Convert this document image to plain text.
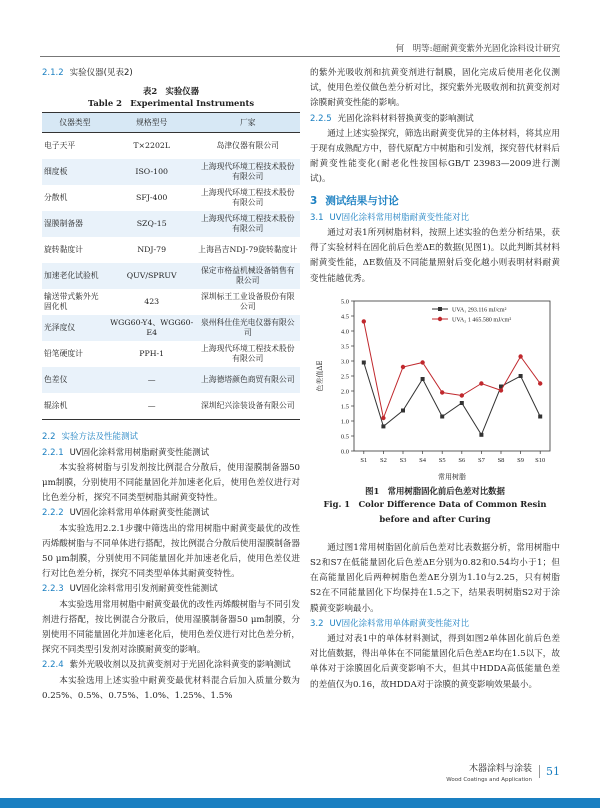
何　明等:超耐黄变紫外光固化涂料设计研究
2.1.2 实验仪器(见表2)
表2　实验仪器
Table 2　Experimental Instruments
仪器类型	规格型号	厂家
电子天平	T×2202L	岛津仪器有限公司
细度板	ISO-100	上海现代环境工程技术股份有限公司
分散机	SFJ-400	上海现代环境工程技术股份有限公司
湿膜制备器	SZQ-15	上海现代环境工程技术股份有限公司
旋转黏度计	NDJ-79	上海昌吉NDJ-79旋转黏度计
加速老化试验机	QUV/SPRUV	保定市格益机械设备销售有限公司
输送带式紫外光固化机	423	深圳标王工业设备股份有限公司
光泽度仪	WGG60-Y4、WGG60-E4	泉州科仕佳光电仪器有限公司
铅笔硬度计	PPH-1	上海现代环境工程技术股份有限公司
色差仪	—	上海德塔颜色商贸有限公司
辊涂机	—	深圳纪兴涂装设备有限公司
2.2 实验方法及性能测试
2.2.1 UV固化涂料常用树脂耐黄变性能测试

本实验将树脂与引发剂按比例混合分散后，使用湿膜制备器50 μm制膜，分别使用不同能量固化并加速老化后，使用色差仪进行对比色差分析，探究不同类型树脂其耐黄变特性。

2.2.2 UV固化涂料常用单体耐黄变性能测试

本实验选用2.2.1步骤中筛选出的常用树脂中耐黄变最优的改性丙烯酸树脂与不同单体进行搭配，按比例混合分散后使用湿膜制备器50 μm制膜，分别使用不同能量固化并加速老化后，使用色差仪进行对比色差分析，探究不同类型单体其耐黄变特性。

2.2.3 UV固化涂料常用引发剂耐黄变性能测试

本实验选用常用树脂中耐黄变最优的改性丙烯酸树脂与不同引发剂进行搭配，按比例混合分散后，使用湿膜制备器50 μm制膜，分别使用不同能量固化并加速老化后，使用色差仪进行对比色差分析，探究不同类型引发剂对涂膜耐黄变的影响。

2.2.4 紫外光吸收剂以及抗黄变剂对于光固化涂料黄变的影响测试

本实验选用上述实验中耐黄变最优材料混合后加入质量分数为0.25%、0.5%、0.75%、1.0%、1.25%、1.5%

的紫外光吸收剂和抗黄变剂进行制膜，固化完成后使用老化仪测试，使用色差仪做色差分析对比，探究紫外光吸收剂和抗黄变剂对涂膜耐黄变性能的影响。

2.2.5 光固化涂料材料替换黄变的影响测试

通过上述实验探究，筛选出耐黄变优异的主体材料，将其应用于现有成熟配方中，替代原配方中树脂和引发剂，探究替代材料后耐黄变性能变化(耐老化性按国标GB/T 23983—2009进行测试)。

3 测试结果与讨论
3.1 UV固化涂料常用树脂耐黄变性能对比

通过对表1所列树脂材料，按照上述实验的色差分析结果，获得了实验材料在固化前后色差ΔE的数据(见图1)。以此判断其材料耐黄变性能，ΔE数值及不同能量照射后变化越小则表明材料耐黄变性能越优秀。

0.0
0.5
1.0
1.5
2.0
2.5
3.0
3.5
4.0
4.5
5.0
S1 S2 S3 S4 S5 S6 S7 S8 S9 S10
常用树脂
色差值ΔE
UVA₁ 293.116 mJ/cm²
UVA₂ 1 465.580 mJ/cm²
图1　常用树脂固化前后色差对比数据
Fig. 1　Color Difference Data of Common Resin before and after Curing

通过图1常用树脂固化前后色差对比表数据分析，常用树脂中S2和S7在低能量固化后色差ΔE分别为0.82和0.54均小于1；但在高能量固化后两种树脂色差ΔE分别为1.10与2.25，只有树脂S2在不同能量固化下均保持在1.5之下，结果表明树脂S2对于涂膜黄变影响最小。

3.2 UV固化涂料常用单体耐黄变性能对比

通过对表1中的单体材料测试，得到如图2单体固化前后色差对比值数据，得出单体在不同能量固化后色差ΔE均在1.5以下，故单体对于涂膜固化后黄变影响不大，但其中HDDA高低能量色差的差值仅为0.16，故HDDA对于涂膜的黄变影响效果最小。

木器涂料与涂装
Wood Coatings and Application
51
